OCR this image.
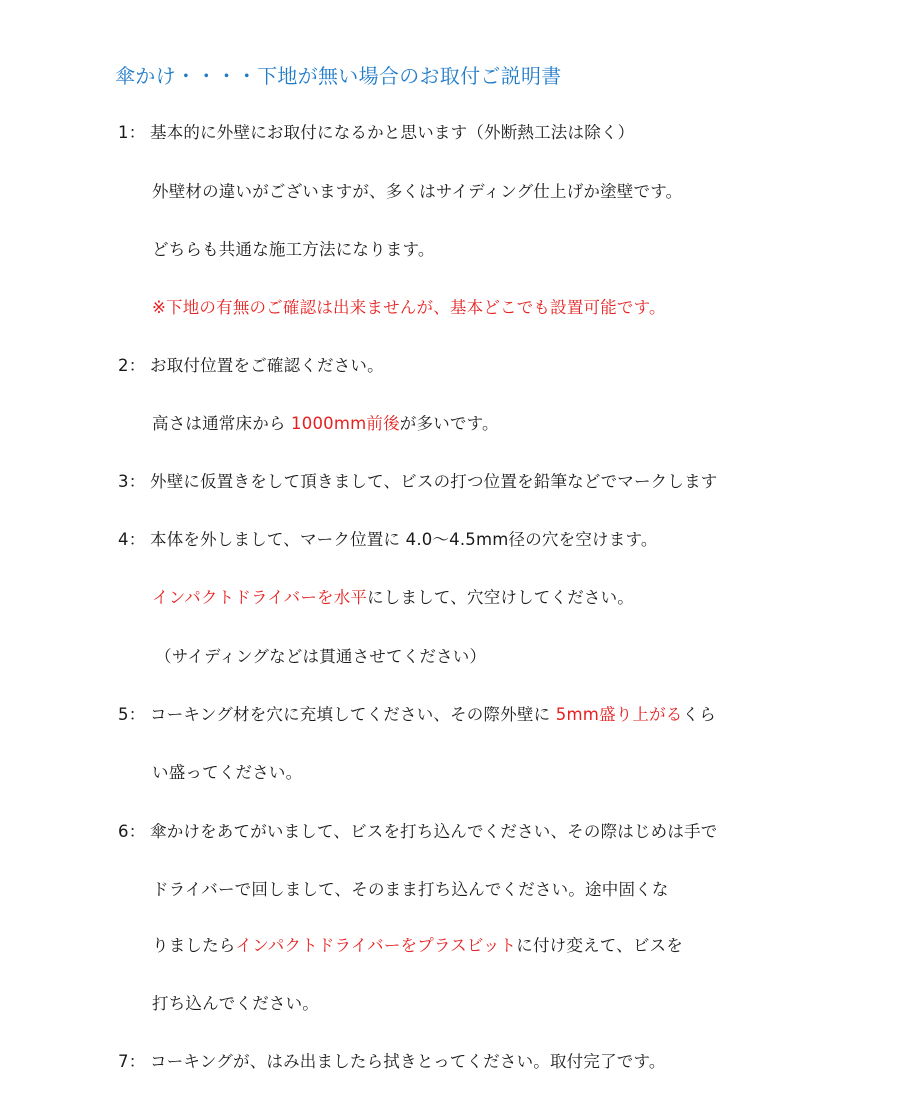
傘かけ・・・・下地が無い場合のお取付ご説明書
1： 基本的に外壁にお取付になるかと思います（外断熱工法は除く）
外壁材の違いがございますが、多くはサイディング仕上げか塗壁です。
どちらも共通な施工方法になります。
※下地の有無のご確認は出来ませんが、基本どこでも設置可能です。
2： お取付位置をご確認ください。
高さは通常床から 1000mm前後が多いです。
3： 外壁に仮置きをして頂きまして、ビスの打つ位置を鉛筆などでマークします
4： 本体を外しまして、マーク位置に 4.0～4.5mm径の穴を空けます。
インパクトドライバーを水平にしまして、穴空けしてください。
（サイディングなどは貫通させてください）
5： コーキング材を穴に充填してください、その際外壁に 5mm盛り上がるくら
い盛ってください。
6： 傘かけをあてがいまして、ビスを打ち込んでください、その際はじめは手で
ドライバーで回しまして、そのまま打ち込んでください。途中固くな
りましたらインパクトドライバーをプラスビットに付け変えて、ビスを
打ち込んでください。
7： コーキングが、はみ出ましたら拭きとってください。取付完了です。
